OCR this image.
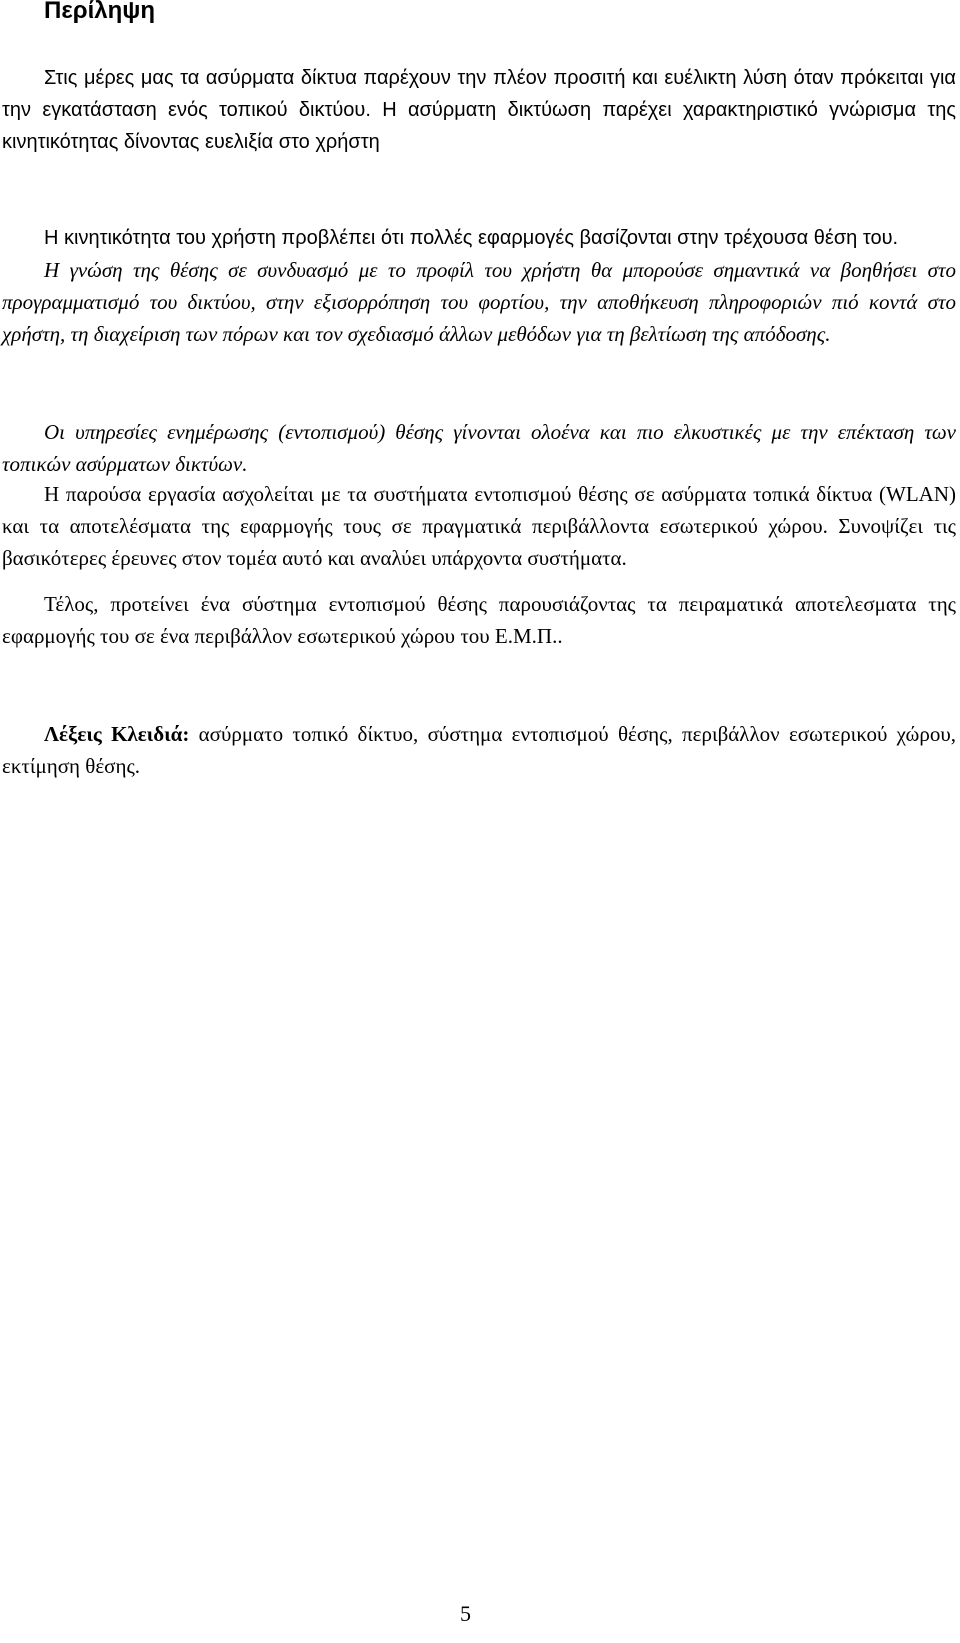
Περίληψη

Στις μέρες μας τα ασύρματα δίκτυα παρέχουν την πλέον προσιτή και ευέλικτη λύση όταν πρόκειται για την εγκατάσταση ενός τοπικού δικτύου. Η ασύρματη δικτύωση παρέχει χαρακτηριστικό γνώρισμα της κινητικότητας δίνοντας ευελιξία στο χρήστη

Η κινητικότητα του χρήστη προβλέπει ότι πολλές εφαρμογές βασίζονται στην τρέχουσα θέση του.

Η γνώση της θέσης σε συνδυασμό με το προφίλ του χρήστη θα μπορούσε σημαντικά να βοηθήσει στο προγραμματισμό του δικτύου, στην εξισορρόπηση του φορτίου, την αποθήκευση πληροφοριών πιό κοντά στο χρήστη, τη διαχείριση των πόρων και τον σχεδιασμό άλλων μεθόδων για τη βελτίωση της απόδοσης.

Οι υπηρεσίες ενημέρωσης (εντοπισμού) θέσης γίνονται ολοένα και πιο ελκυστικές με την επέκταση των τοπικών ασύρματων δικτύων.

Η παρούσα εργασία ασχολείται με τα συστήματα εντοπισμού θέσης σε ασύρματα τοπικά δίκτυα (WLAN) και τα αποτελέσματα της εφαρμογής τους σε πραγματικά περιβάλλοντα εσωτερικού χώρου. Συνοψίζει τις βασικότερες έρευνες στον τομέα αυτό και αναλύει υπάρχοντα συστήματα.

Τέλος, προτείνει ένα σύστημα εντοπισμού θέσης παρουσιάζοντας τα πειραματικά αποτελεσματα της εφαρμογής του σε ένα περιβάλλον εσωτερικού χώρου του Ε.Μ.Π..

Λέξεις Κλειδιά: ασύρματο τοπικό δίκτυο, σύστημα εντοπισμού θέσης, περιβάλλον εσωτερικού χώρου, εκτίμηση θέσης.

5
